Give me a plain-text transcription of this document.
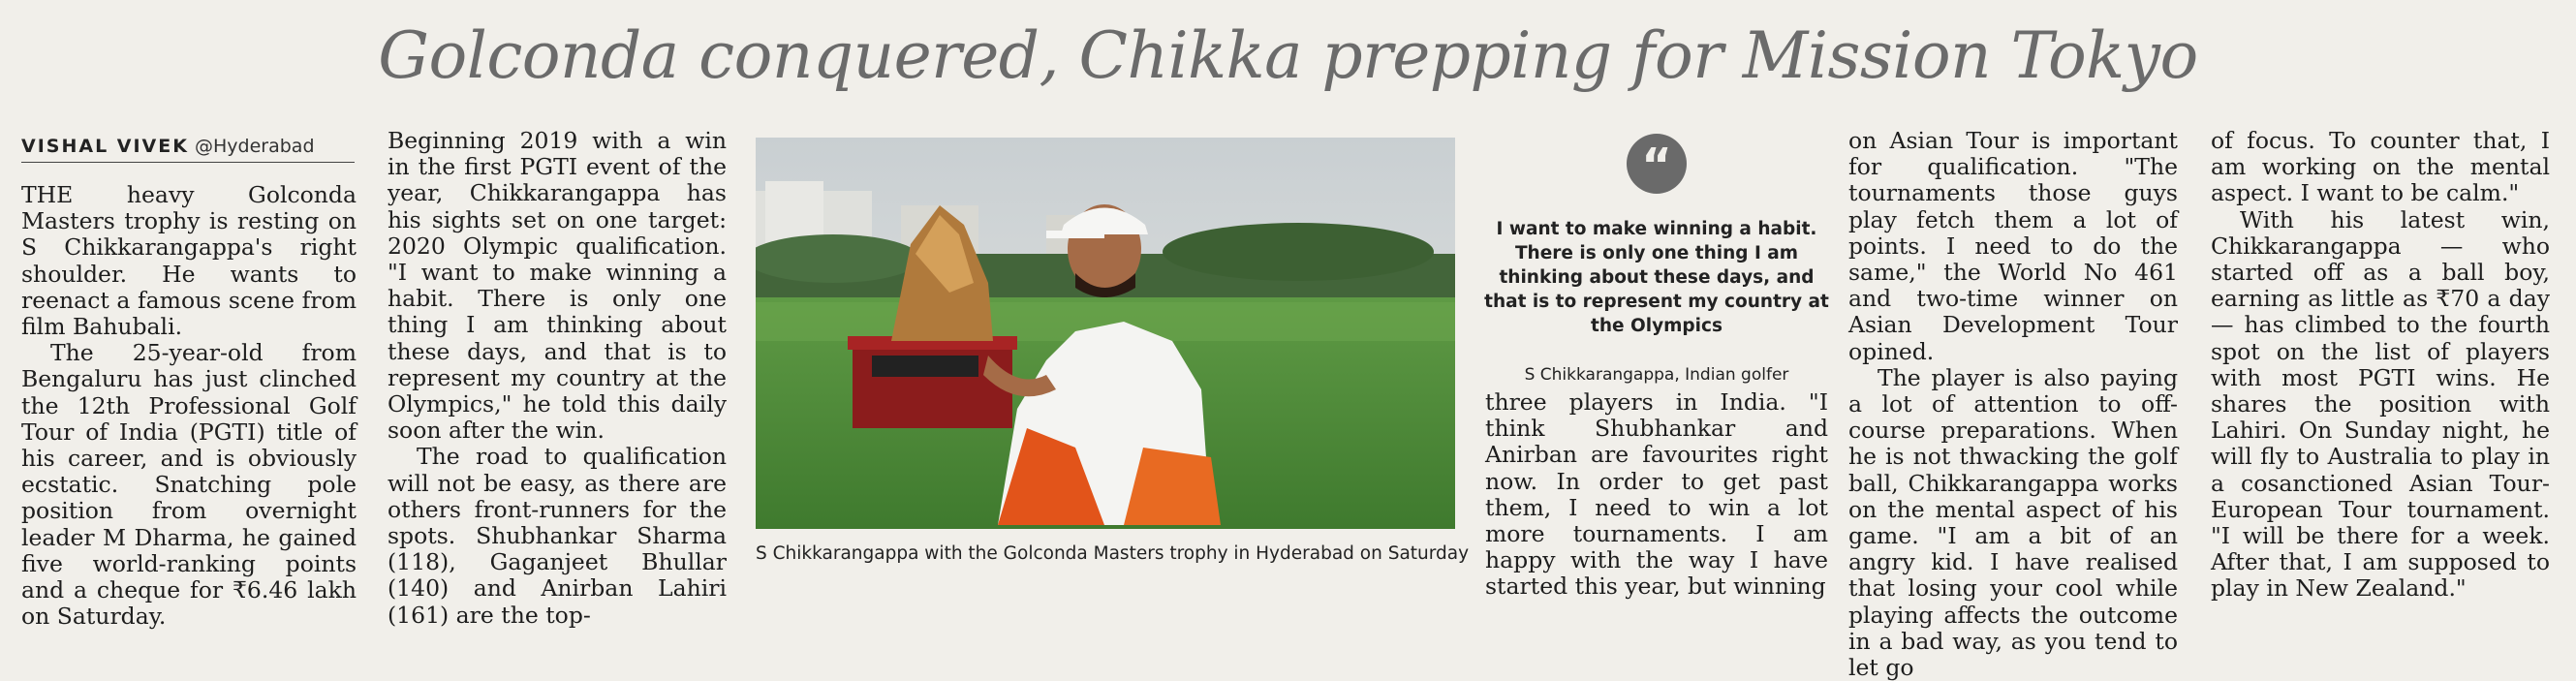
Golconda conquered, Chikka prepping for Mission Tokyo
VISHAL VIVEK @Hyderabad

THE heavy Golconda Masters trophy is resting on S Chikkarangappa's right shoulder. He wants to reenact a famous scene from film Bahubali.

The 25-year-old from Bengaluru has just clinched the 12th Professional Golf Tour of India (PGTI) title of his career, and is obviously ecstatic. Snatching pole position from overnight leader M Dharma, he gained five world-ranking points and a cheque for ₹6.46 lakh on Saturday.

Beginning 2019 with a win in the first PGTI event of the year, Chikkarangappa has his sights set on one target: 2020 Olympic qualification. "I want to make winning a habit. There is only one thing I am thinking about these days, and that is to represent my country at the Olympics," he told this daily soon after the win.

The road to qualification will not be easy, as there are others front-runners for the spots. Shubhankar Sharma (118), Gaganjeet Bhullar (140) and Anirban Lahiri (161) are the top-

S Chikkarangappa with the Golconda Masters trophy in Hyderabad on Saturday
“
I want to make winning a habit. There is only one thing I am thinking about these days, and that is to represent my country at the Olympics
S Chikkarangappa, Indian golfer

three players in India. "I think Shubhankar and Anirban are favourites right now. In order to get past them, I need to win a lot more tournaments. I am happy with the way I have started this year, but winning

on Asian Tour is important for qualification. "The tournaments those guys play fetch them a lot of points. I need to do the same," the World No 461 and two-time winner on Asian Development Tour opined.

The player is also paying a lot of attention to off-course preparations. When he is not thwacking the golf ball, Chikkarangappa works on the mental aspect of his game. "I am a bit of an angry kid. I have realised that losing your cool while playing affects the outcome in a bad way, as you tend to let go

of focus. To counter that, I am working on the mental aspect. I want to be calm."

With his latest win, Chikkarangappa — who started off as a ball boy, earning as little as ₹70 a day — has climbed to the fourth spot on the list of players with most PGTI wins. He shares the position with Lahiri. On Sunday night, he will fly to Australia to play in a cosanctioned Asian Tour-European Tour tournament. "I will be there for a week. After that, I am supposed to play in New Zealand."
